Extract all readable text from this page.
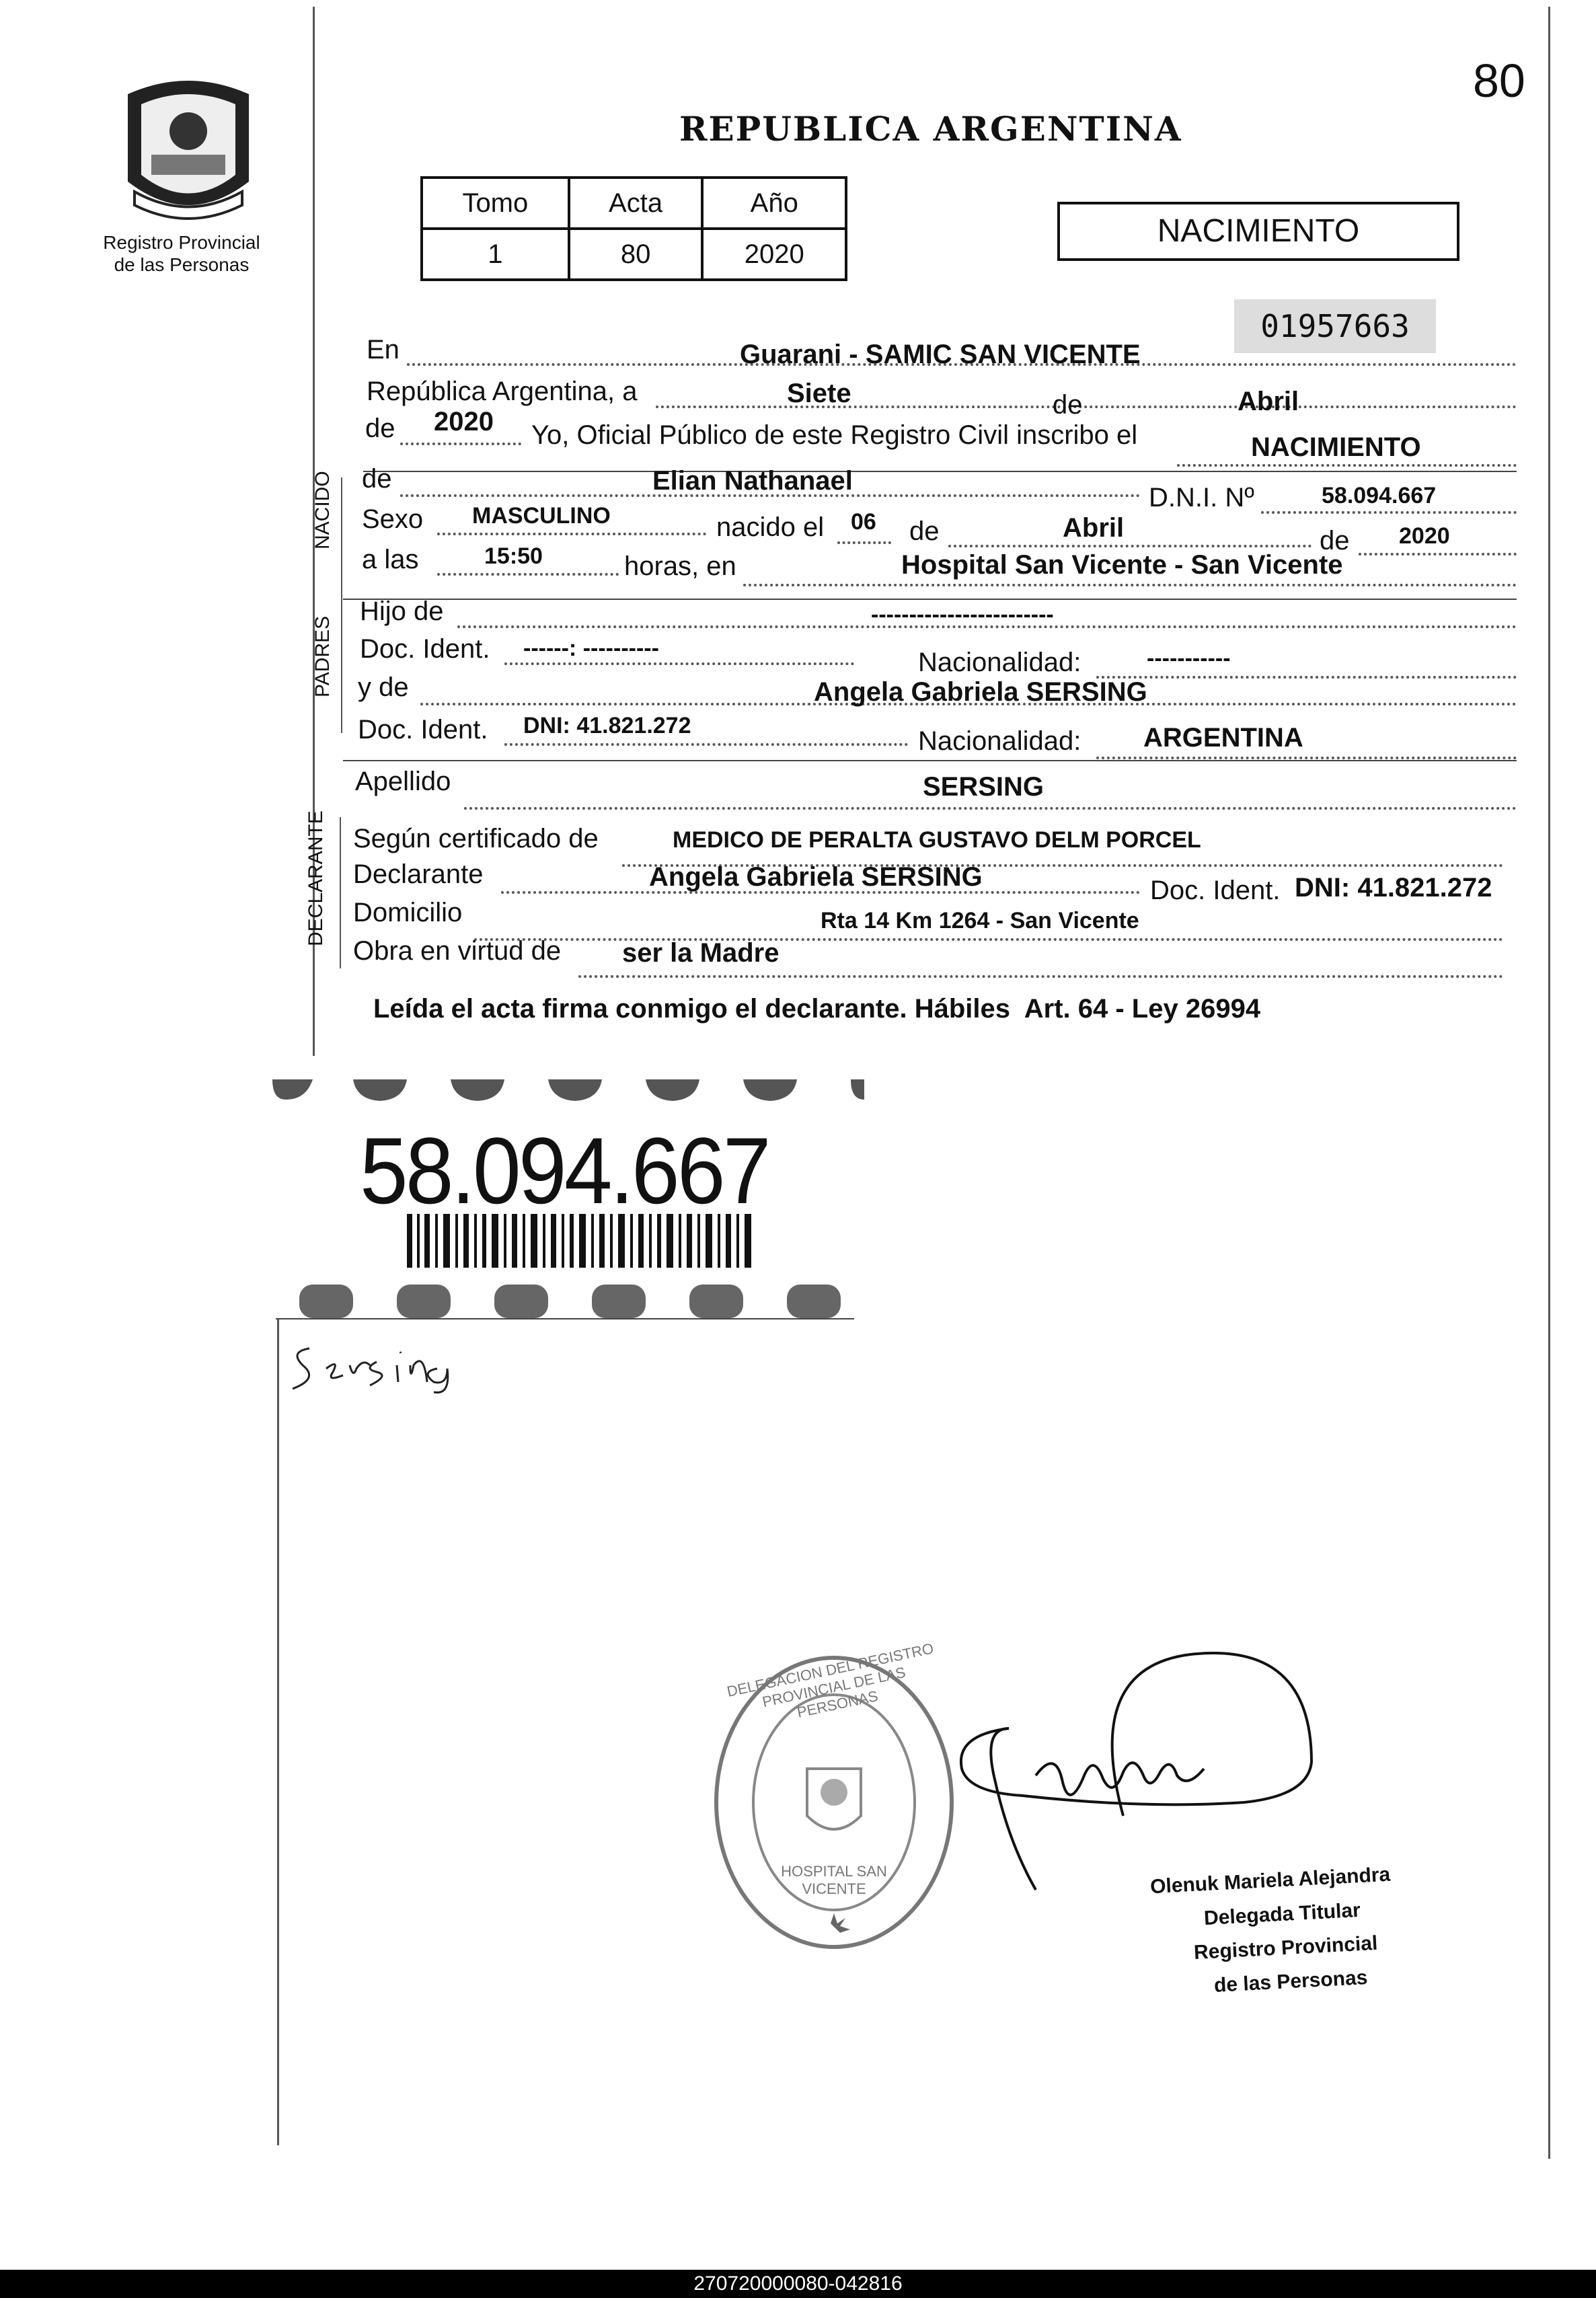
80
Registro Provincial
de las Personas
REPUBLICA ARGENTINA
Tomo	Acta	Año
1	80	2020
NACIMIENTO
01957663
En	Guarani - SAMIC SAN VICENTE
República Argentina, a	Siete	de	Abril
de 2020 Yo, Oficial Público de este Registro Civil inscribo el	NACIMIENTO
NACIDO de	Elian Nathanael
D.N.I. Nº	58.094.667
Sexo MASCULINO	nacido el 06 de	Abril	de 2020
a las	15:50	horas, en	Hospital San Vicente - San Vicente
PADRES
Hijo de	------------------------
Doc. Ident. ------: ----------	Nacionalidad:	-----------
y de	Angela Gabriela SERSING
Doc. Ident. DNI: 41.821.272
Nacionalidad: ARGENTINA
Apellido	SERSING
DECLARANTE Según certificado de	MEDICO DE PERALTA GUSTAVO DELM PORCEL
Declarante	Angela Gabriela SERSING	Doc. Ident. DNI: 41.821.272
Domicilio	Rta 14 Km 1264 - San Vicente
Obra en virtud de ser la Madre
Leída el acta firma conmigo el declarante. Hábiles  Art. 64 - Ley 26994
58.094.667
DELEGACION DEL REGISTRO PROVINCIAL DE LAS PERSONAS
HOSPITAL SAN VICENTE	Olenuk Mariela Alejandra
Delegada Titular
Registro Provincial
de las Personas
270720000080-042816
